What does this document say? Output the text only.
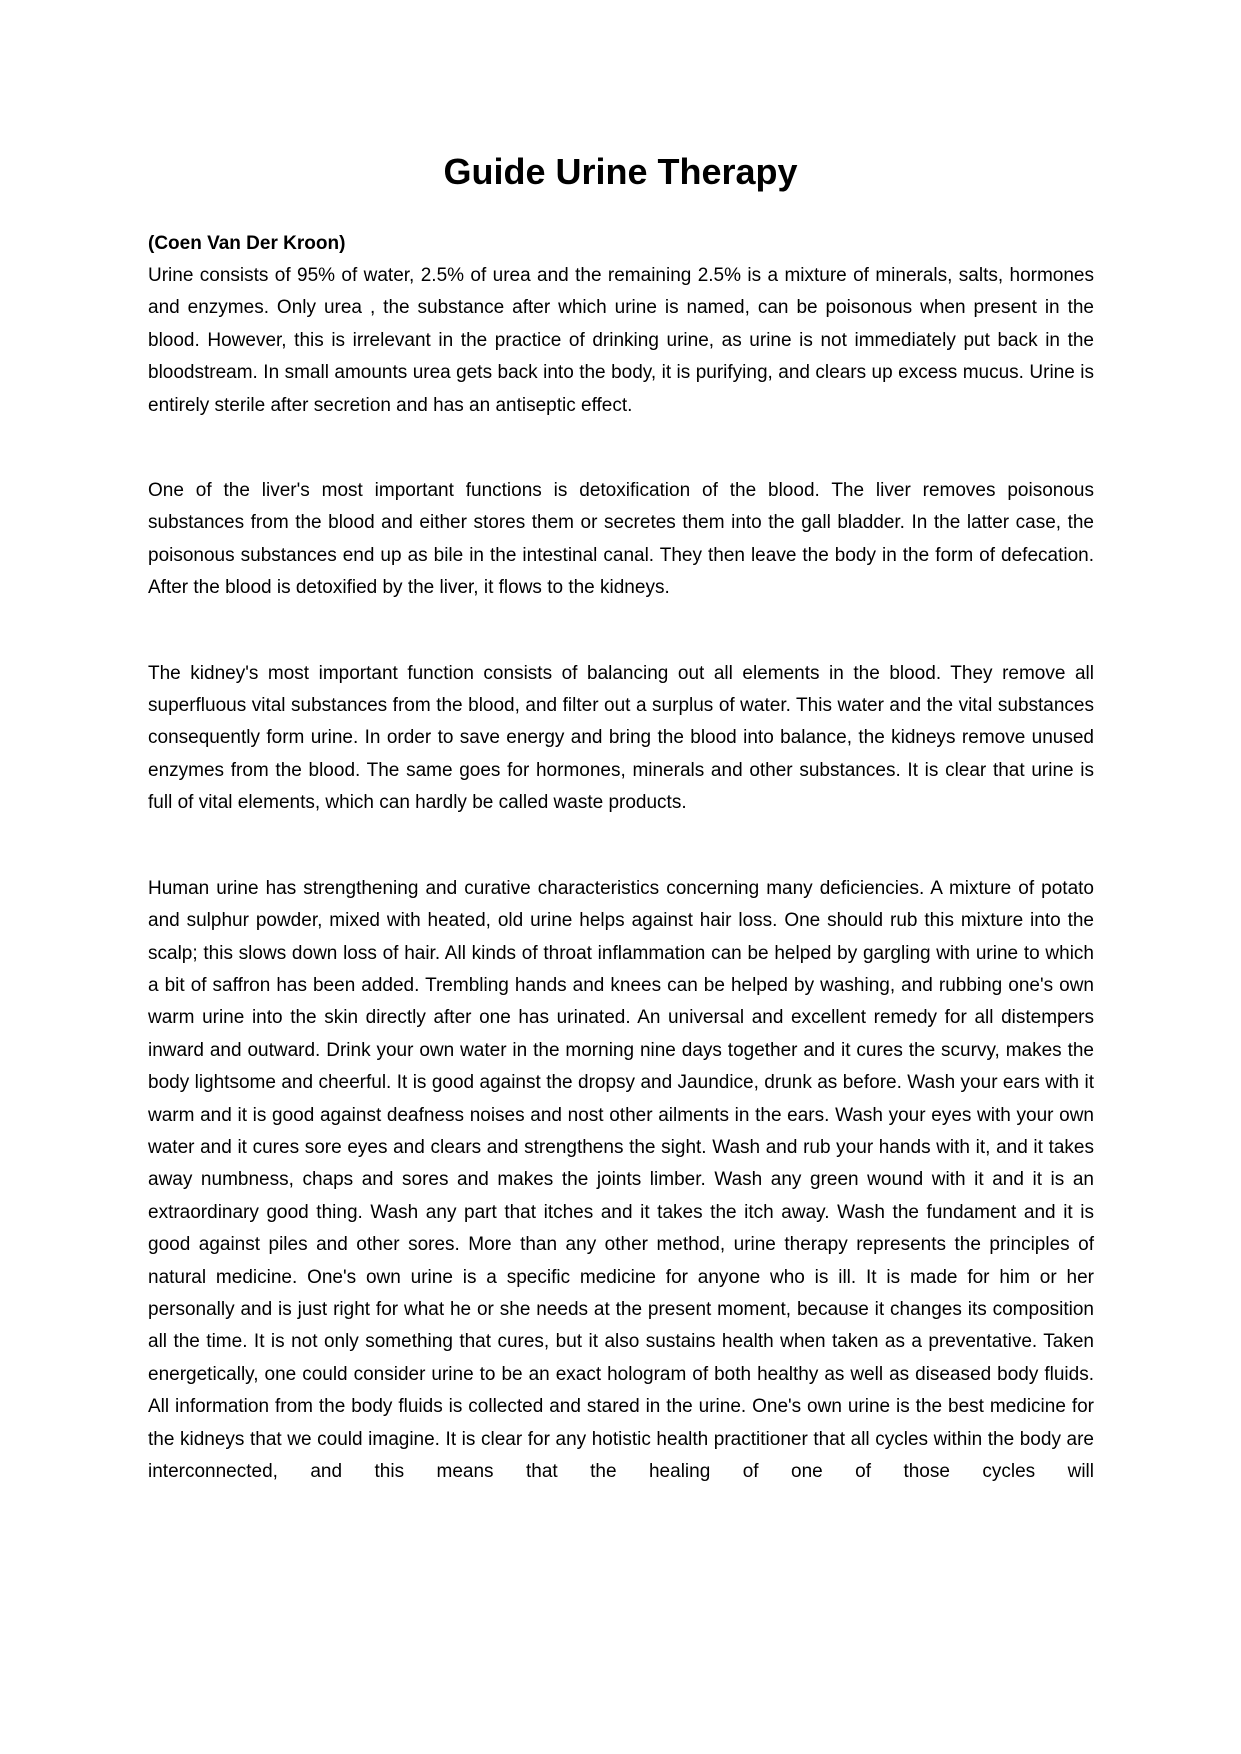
Guide Urine Therapy

(Coen Van Der Kroon)

Urine consists of 95% of water, 2.5% of urea and the remaining 2.5% is a mixture of minerals, salts, hormones and enzymes. Only urea , the substance after which urine is named, can be poisonous when present in the blood. However, this is irrelevant in the practice of drinking urine, as urine is not immediately put back in the bloodstream. In small amounts urea gets back into the body, it is purifying, and clears up excess mucus. Urine is entirely sterile after secretion and has an antiseptic effect.

One of the liver's most important functions is detoxification of the blood. The liver removes poisonous substances from the blood and either stores them or secretes them into the gall bladder. In the latter case, the poisonous substances end up as bile in the intestinal canal. They then leave the body in the form of defecation. After the blood is detoxified by the liver, it flows to the kidneys.

The kidney's most important function consists of balancing out all elements in the blood. They remove all superfluous vital substances from the blood, and filter out a surplus of water. This water and the vital substances consequently form urine. In order to save energy and bring the blood into balance, the kidneys remove unused enzymes from the blood. The same goes for hormones, minerals and other substances. It is clear that urine is full of vital elements, which can hardly be called waste products.

Human urine has strengthening and curative characteristics concerning many deficiencies. A mixture of potato and sulphur powder, mixed with heated, old urine helps against hair loss. One should rub this mixture into the scalp; this slows down loss of hair. All kinds of throat inflammation can be helped by gargling with urine to which a bit of saffron has been added. Trembling hands and knees can be helped by washing, and rubbing one's own warm urine into the skin directly after one has urinated. An universal and excellent remedy for all distempers inward and outward. Drink your own water in the morning nine days together and it cures the scurvy, makes the body lightsome and cheerful. It is good against the dropsy and Jaundice, drunk as before. Wash your ears with it warm and it is good against deafness noises and nost other ailments in the ears. Wash your eyes with your own water and it cures sore eyes and clears and strengthens the sight. Wash and rub your hands with it, and it takes away numbness, chaps and sores and makes the joints limber. Wash any green wound with it and it is an extraordinary good thing. Wash any part that itches and it takes the itch away. Wash the fundament and it is good against piles and other sores. More than any other method, urine therapy represents the principles of natural medicine. One's own urine is a specific medicine for anyone who is ill. It is made for him or her personally and is just right for what he or she needs at the present moment, because it changes its composition all the time. It is not only something that cures, but it also sustains health when taken as a preventative. Taken energetically, one could consider urine to be an exact hologram of both healthy as well as diseased body fluids. All information from the body fluids is collected and stared in the urine. One's own urine is the best medicine for the kidneys that we could imagine. It is clear for any hotistic health practitioner that all cycles within the body are interconnected, and this means that the healing of one of those cycles will
